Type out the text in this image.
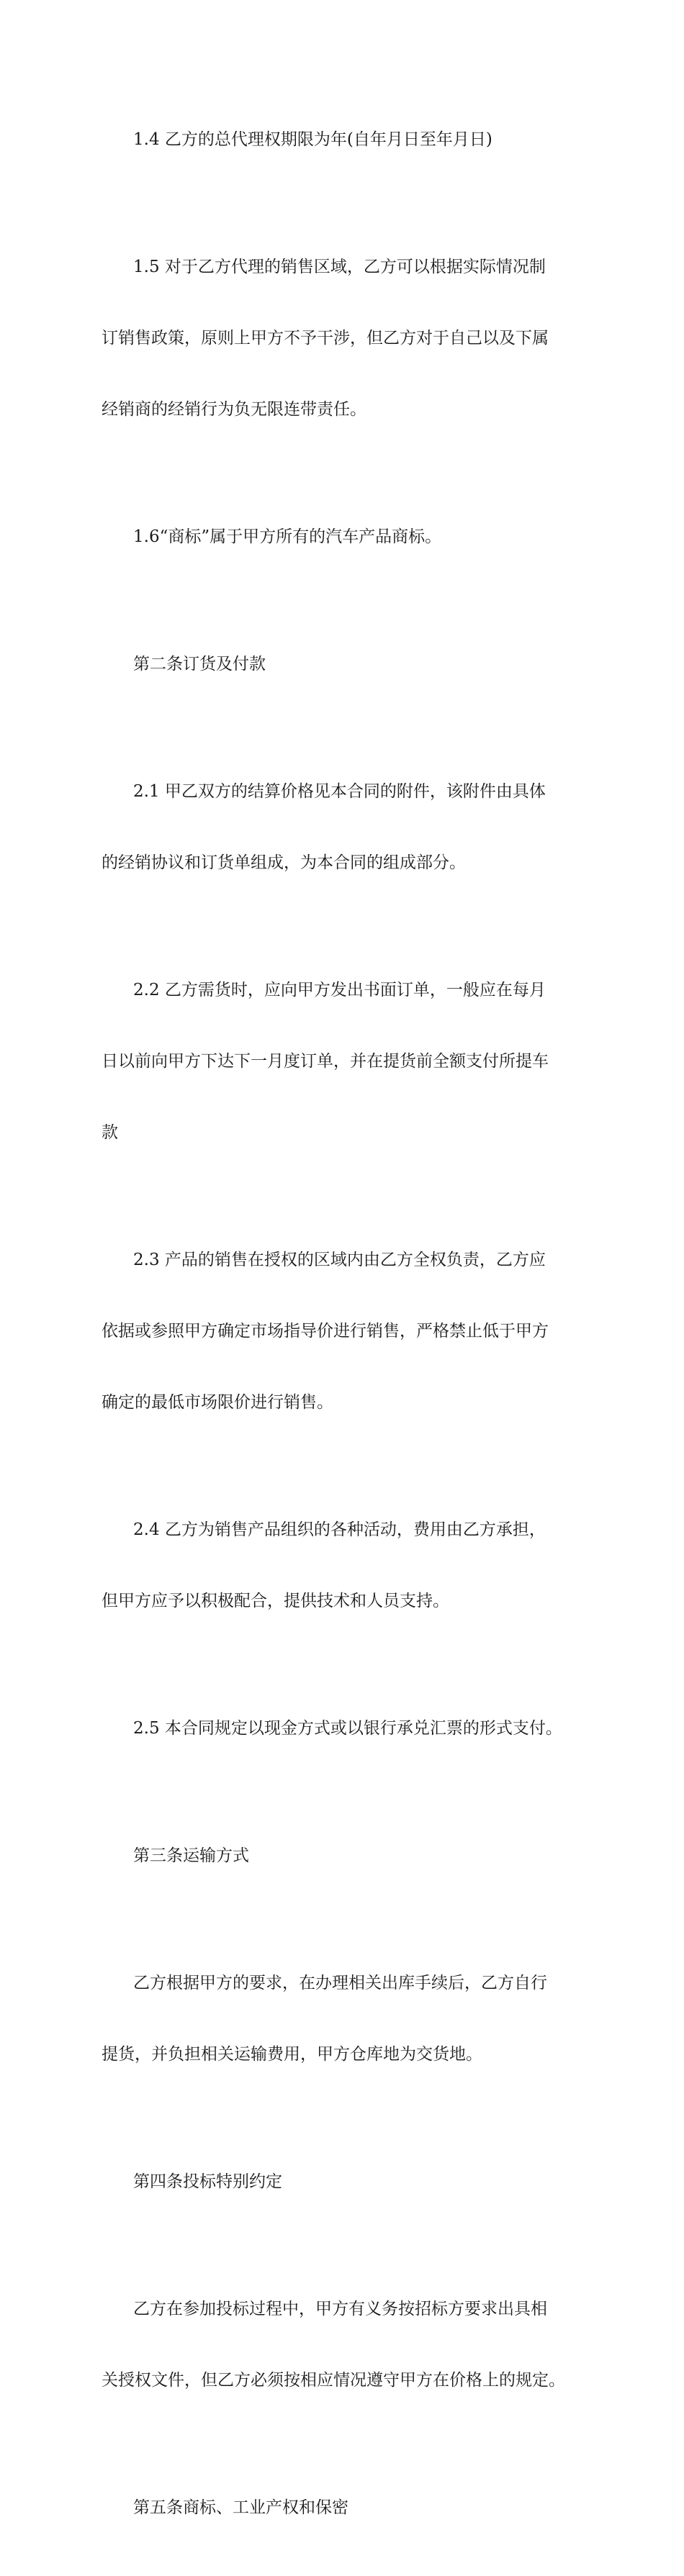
1.4 乙方的总代理权期限为年(自年月日至年月日)

1.5 对于乙方代理的销售区域，乙方可以根据实际情况制

订销售政策，原则上甲方不予干涉，但乙方对于自己以及下属

经销商的经销行为负无限连带责任。

1.6“商标”属于甲方所有的汽车产品商标。

第二条订货及付款

2.1 甲乙双方的结算价格见本合同的附件，该附件由具体

的经销协议和订货单组成，为本合同的组成部分。

2.2 乙方需货时，应向甲方发出书面订单，一般应在每月

日以前向甲方下达下一月度订单，并在提货前全额支付所提车

款

2.3 产品的销售在授权的区域内由乙方全权负责，乙方应

依据或参照甲方确定市场指导价进行销售，严格禁止低于甲方

确定的最低市场限价进行销售。

2.4 乙方为销售产品组织的各种活动，费用由乙方承担，

但甲方应予以积极配合，提供技术和人员支持。

2.5 本合同规定以现金方式或以银行承兑汇票的形式支付。

第三条运输方式

乙方根据甲方的要求，在办理相关出库手续后，乙方自行

提货，并负担相关运输费用，甲方仓库地为交货地。

第四条投标特别约定

乙方在参加投标过程中，甲方有义务按招标方要求出具相

关授权文件，但乙方必须按相应情况遵守甲方在价格上的规定。

第五条商标、工业产权和保密
